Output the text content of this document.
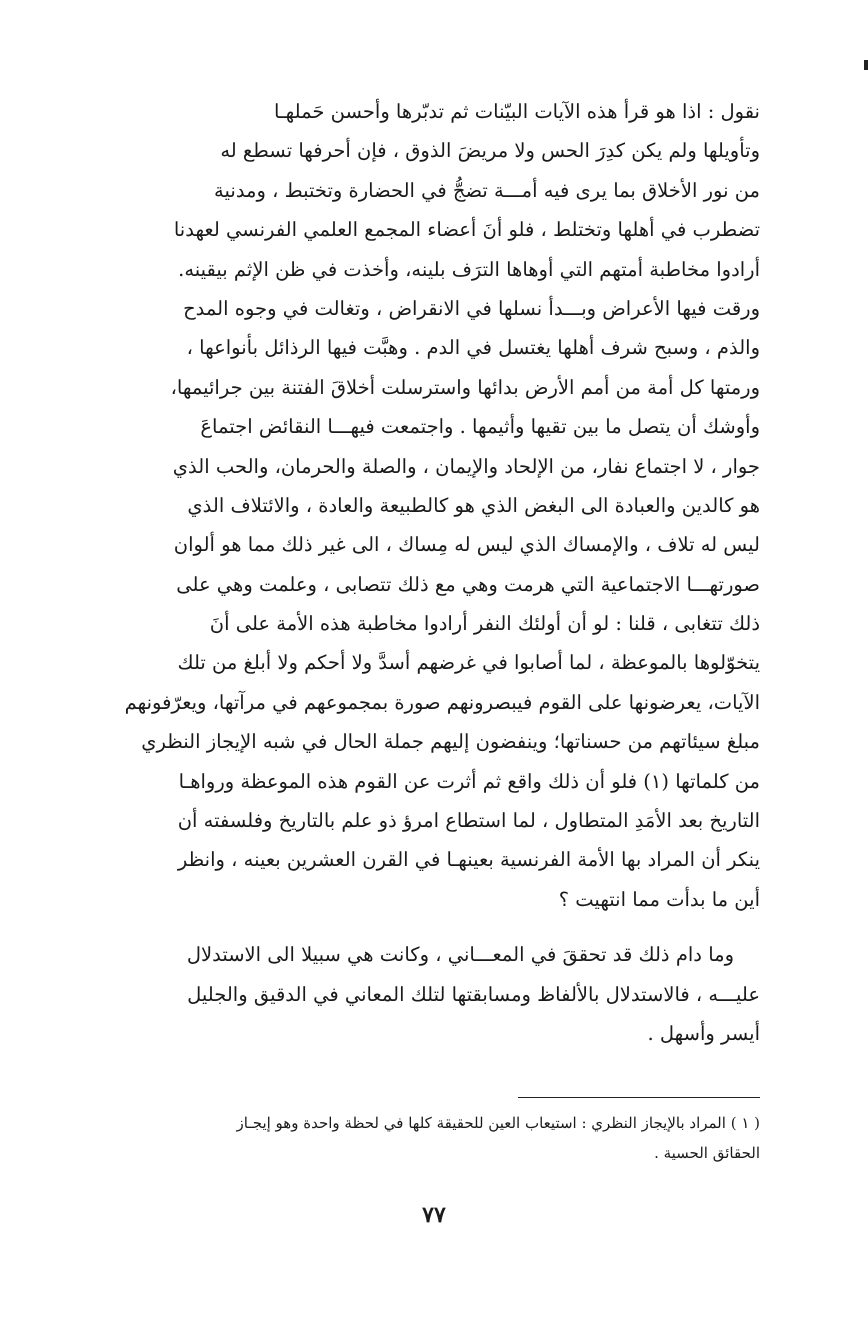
نقول : اذا هو قرأ هذه الآيات البيّنات ثم تدبّرها وأحسن حَملهـا
وتأويلها ولم يكن كدِرَ الحس ولا مريضَ الذوق ، فإن أحرفها تسطع له
من نور الأخلاق بما يرى فيه أمـــة تضجُّ في الحضارة وتختبط ، ومدنية
تضطرب في أهلها وتختلط ، فلو أنَ أعضاء المجمع العلمي الفرنسي لعهدنا
أرادوا مخاطبة أمتهم التي أوهاها الترَف بلينه، وأخذت في ظن الإثم بيقينه.
ورقت فيها الأعراض وبـــدأ نسلها في الانقراض ، وتغالت في وجوه المدح
والذم ، وسبح شرف أهلها يغتسل في الدم . وهبَّت فيها الرذائل بأنواعها ،
ورمتها كل أمة من أمم الأرض بدائها واسترسلت أخلاقَ الفتنة بين جرائيمها،
وأوشك أن يتصل ما بين تقيها وأثيمها . واجتمعت فيهـــا النقائض اجتماعَ
جوار ، لا اجتماع نفار، من الإلحاد والإيمان ، والصلة والحرمان، والحب الذي
هو كالدين والعبادة الى البغض الذي هو كالطبيعة والعادة ، والائتلاف الذي
ليس له تلاف ، والإمساك الذي ليس له مِساك ، الى غير ذلك مما هو ألوان
صورتهـــا الاجتماعية التي هرمت وهي مع ذلك تتصابى ، وعلمت وهي على
ذلك تتغابى ، قلنا : لو أن أولئك النفر أرادوا مخاطبة هذه الأمة على أنَ
يتخوّلوها بالموعظة ، لما أصابوا في غرضهم أسدَّ ولا أحكم ولا أبلغ من تلك
الآيات، يعرضونها على القوم فيبصرونهم صورة بمجموعهم في مرآتها، ويعرّفونهم
مبلغ سيئاتهم من حسناتها؛ وينفضون إليهم جملة الحال في شبه الإيجاز النظري
من كلماتها (١) فلو أن ذلك واقع ثم أثرت عن القوم هذه الموعظة ورواهـا
التاريخ بعد الأمَدِ المتطاول ، لما استطاع امرؤ ذو علم بالتاريخ وفلسفته أن
ينكر أن المراد بها الأمة الفرنسية بعينهـا في القرن العشرين بعينه ، وانظر
أين ما بدأت مما انتهيت ؟
وما دام ذلك قد تحققَ في المعـــاني ، وكانت هي سبيلا الى الاستدلال
عليـــه ، فالاستدلال بالألفاظ ومسابقتها لتلك المعاني في الدقيق والجليل
أيسر وأسهل .
( ١ ) المراد بالإيجاز النظري : استيعاب العين للحقيقة كلها في لحظة واحدة وهو إيجـاز
الحقائق الحسية .
٧٧
